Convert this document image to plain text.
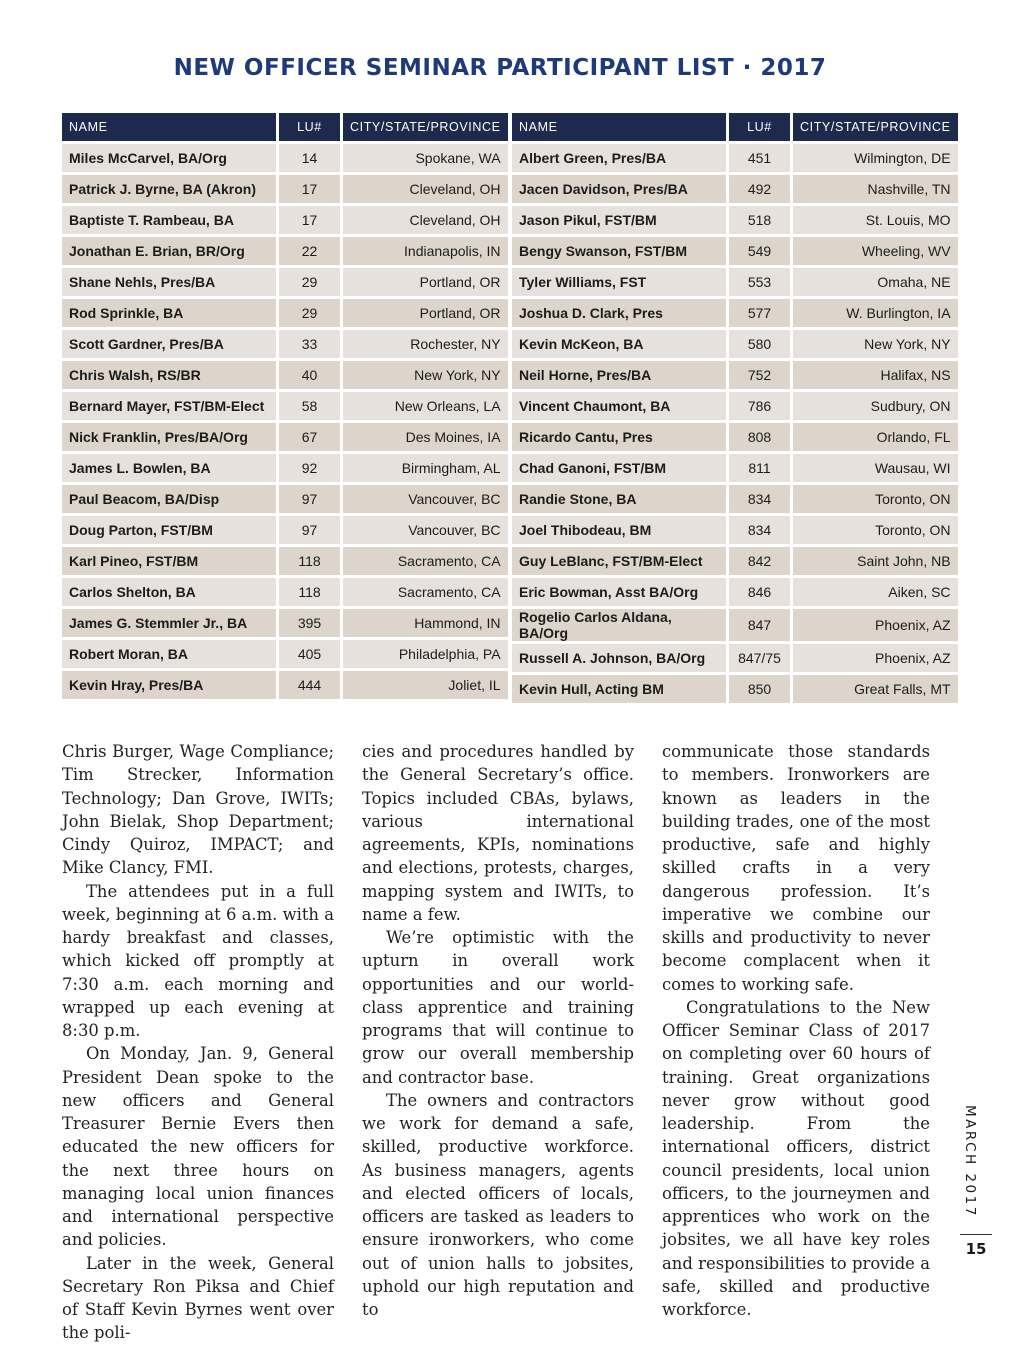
NEW OFFICER SEMINAR PARTICIPANT LIST · 2017
NAME	LU#	CITY/STATE/PROVINCE
Miles McCarvel, BA/Org	14	Spokane, WA
Patrick J. Byrne, BA (Akron)	17	Cleveland, OH
Baptiste T. Rambeau, BA	17	Cleveland, OH
Jonathan E. Brian, BR/Org	22	Indianapolis, IN
Shane Nehls, Pres/BA	29	Portland, OR
Rod Sprinkle, BA	29	Portland, OR
Scott Gardner, Pres/BA	33	Rochester, NY
Chris Walsh, RS/BR	40	New York, NY
Bernard Mayer, FST/BM-Elect	58	New Orleans, LA
Nick Franklin, Pres/BA/Org	67	Des Moines, IA
James L. Bowlen, BA	92	Birmingham, AL
Paul Beacom, BA/Disp	97	Vancouver, BC
Doug Parton, FST/BM	97	Vancouver, BC
Karl Pineo, FST/BM	118	Sacramento, CA
Carlos Shelton, BA	118	Sacramento, CA
James G. Stemmler Jr., BA	395	Hammond, IN
Robert Moran, BA	405	Philadelphia, PA
Kevin Hray, Pres/BA	444	Joliet, IL
NAME	LU#	CITY/STATE/PROVINCE
Albert Green, Pres/BA	451	Wilmington, DE
Jacen Davidson, Pres/BA	492	Nashville, TN
Jason Pikul, FST/BM	518	St. Louis, MO
Bengy Swanson, FST/BM	549	Wheeling, WV
Tyler Williams, FST	553	Omaha, NE
Joshua D. Clark, Pres	577	W. Burlington, IA
Kevin McKeon, BA	580	New York, NY
Neil Horne, Pres/BA	752	Halifax, NS
Vincent Chaumont, BA	786	Sudbury, ON
Ricardo Cantu, Pres	808	Orlando, FL
Chad Ganoni, FST/BM	811	Wausau, WI
Randie Stone, BA	834	Toronto, ON
Joel Thibodeau, BM	834	Toronto, ON
Guy LeBlanc, FST/BM-Elect	842	Saint John, NB
Eric Bowman, Asst BA/Org	846	Aiken, SC
Rogelio Carlos Aldana, BA/Org	847	Phoenix, AZ
Russell A. Johnson, BA/Org	847/75	Phoenix, AZ
Kevin Hull, Acting BM	850	Great Falls, MT

Chris Burger, Wage Compliance; Tim Strecker, Information Technology; Dan Grove, IWITs; John Bielak, Shop Department; Cindy Quiroz, IMPACT; and Mike Clancy, FMI.

The attendees put in a full week, beginning at 6 a.m. with a hardy breakfast and classes, which kicked off promptly at 7:30 a.m. each morning and wrapped up each evening at 8:30 p.m.

On Monday, Jan. 9, General President Dean spoke to the new officers and General Treasurer Bernie Evers then educated the new officers for the next three hours on managing local union finances and international perspective and policies.

Later in the week, General Secretary Ron Piksa and Chief of Staff Kevin Byrnes went over the poli-

cies and procedures handled by the General Secretary’s office. Topics included CBAs, bylaws, various international agreements, KPIs, nominations and elections, protests, charges, mapping system and IWITs, to name a few.

We’re optimistic with the upturn in overall work opportunities and our world-class apprentice and training programs that will continue to grow our overall membership and contractor base.

The owners and contractors we work for demand a safe, skilled, productive workforce. As business managers, agents and elected officers of locals, officers are tasked as leaders to ensure ironworkers, who come out of union halls to jobsites, uphold our high reputation and to

communicate those standards to members. Ironworkers are known as leaders in the building trades, one of the most productive, safe and highly skilled crafts in a very dangerous profession. It’s imperative we combine our skills and productivity to never become complacent when it comes to working safe.

Congratulations to the New Officer Seminar Class of 2017 on completing over 60 hours of training. Great organizations never grow without good leadership. From the international officers, district council presidents, local union officers, to the journeymen and apprentices who work on the jobsites, we all have key roles and responsibilities to provide a safe, skilled and productive workforce.

MARCH 2017
15
